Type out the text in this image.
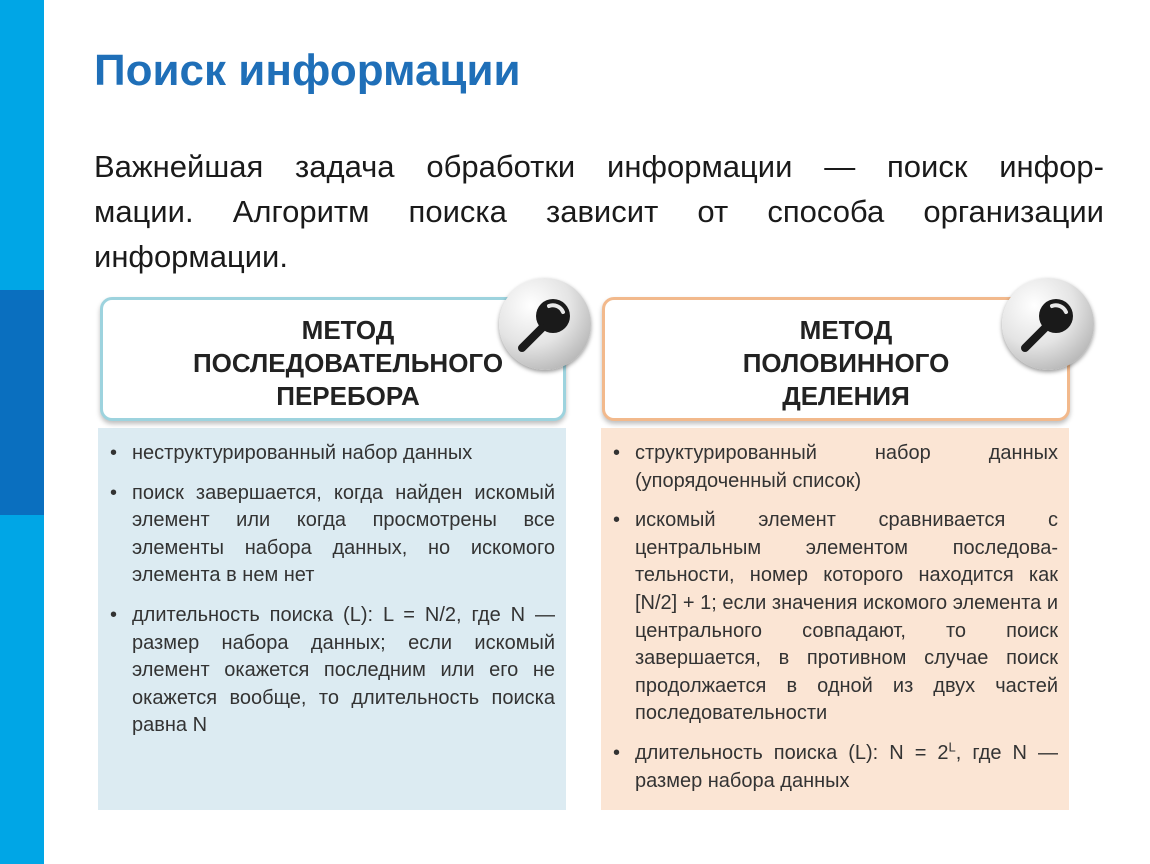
Поиск информации
Важнейшая задача обработки информации — поиск инфор-
мации. Алгоритм поиска зависит от способа организации
информации.
МЕТОД
ПОСЛЕДОВАТЕЛЬНОГО
ПЕРЕБОРА
• неструктурированный набор данных
• поиск завершается, когда найден искомый элемент или когда просмотрены все элементы набора данных, но искомого элемента в нем нет
• длительность поиска (L): L = N/2, где N — размер набора данных; если искомый элемент окажется последним или его не окажется вообще, то длительность поиска равна N
МЕТОД
ПОЛОВИННОГО
ДЕЛЕНИЯ
• структурированный набор данных (упорядоченный список)
• искомый элемент сравнивается с центральным элементом последова-тельности, номер которого находится как [N/2] + 1; если значения искомого элемента и центрального совпадают, то поиск завершается, в противном случае поиск продолжается в одной из двух частей последовательности
• длительность поиска (L): $N = 2^L$, где N — размер набора данных
